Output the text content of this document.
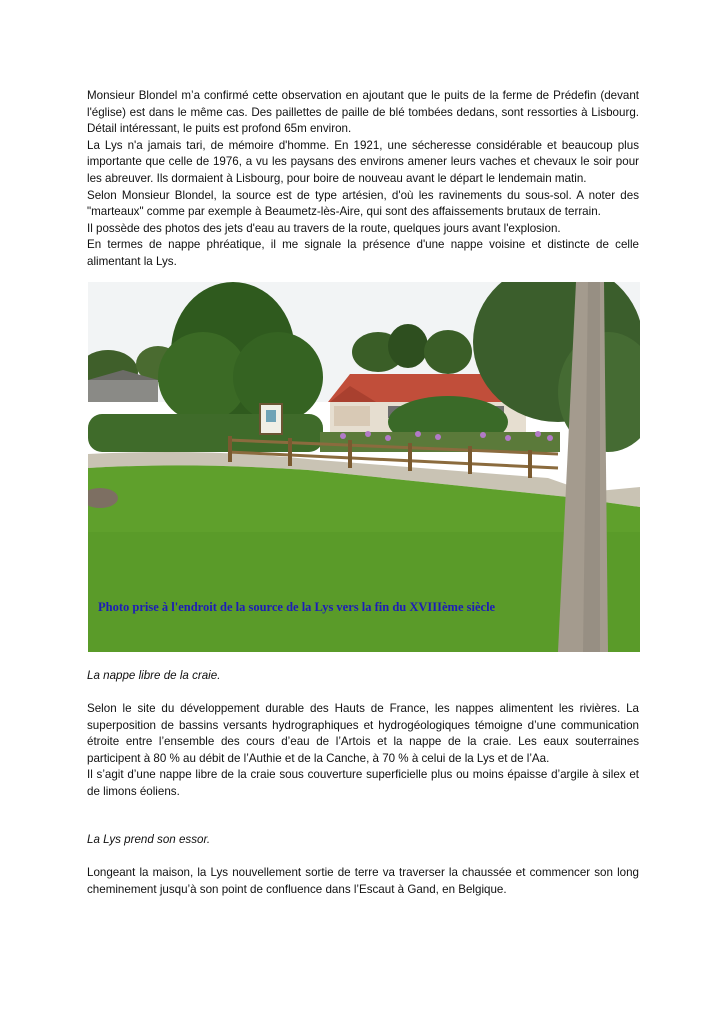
Monsieur Blondel m’a confirmé cette observation en ajoutant que le puits de la ferme de Prédefin (devant l'église) est dans le même cas. Des paillettes de paille de blé tombées dedans, sont ressorties à Lisbourg. Détail intéressant, le puits est profond 65m environ.

La Lys n'a jamais tari, de mémoire d'homme. En 1921, une sécheresse considérable et beaucoup plus importante que celle de 1976, a vu les paysans des environs amener leurs vaches et chevaux le soir pour les abreuver. Ils dormaient à Lisbourg, pour boire de nouveau avant le départ le lendemain matin.

Selon Monsieur Blondel, la source est de type artésien, d'où les ravinements du sous-sol. A noter des "marteaux" comme par exemple à Beaumetz-lès-Aire, qui sont des affaissements brutaux de terrain.

Il possède des photos des jets d'eau au travers de la route, quelques jours avant l'explosion.

En termes de nappe phréatique, il me signale la présence d'une nappe voisine et distincte de celle alimentant la Lys.

Photo prise à l'endroit de la source de la Lys vers la fin du XVIIIème siècle

La nappe libre de la craie.

Selon le site du développement durable des Hauts de France, les nappes alimentent les rivières. La superposition de bassins versants hydrographiques et hydrogéologiques témoigne d’une communication étroite entre l’ensemble des cours d’eau de l’Artois et la nappe de la craie. Les eaux souterraines participent à 80 % au débit de l’Authie et de la Canche, à 70 % à celui de la Lys et de l’Aa.

Il s’agit d’une nappe libre de la craie sous couverture superficielle plus ou moins épaisse d’argile à silex et de limons éoliens.

La Lys prend son essor.

Longeant la maison, la Lys nouvellement sortie de terre va traverser la chaussée et commencer son long cheminement jusqu’à son point de confluence dans l’Escaut à Gand, en Belgique.
